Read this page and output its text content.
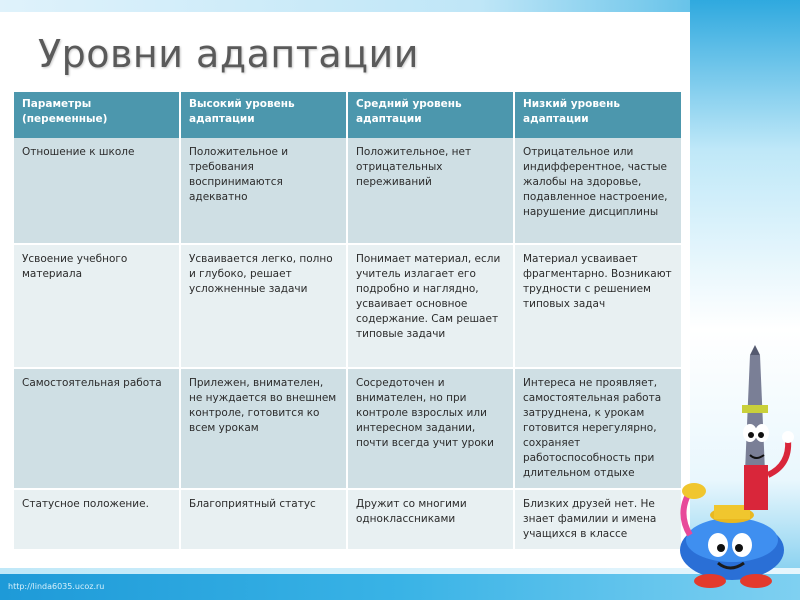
Уровни адаптации
Параметры (переменные)	Высокий уровень адаптации	Средний уровень адаптации	Низкий уровень адаптации
Отношение к школе	Положительное и требования воспринимаются адекватно	Положительное, нет отрицательных переживаний	Отрицательное или индифферентное, частые жалобы на здоровье, подавленное настроение, нарушение дисциплины
Усвоение учебного материала	Усваивается легко, полно и глубоко, решает усложненные задачи	Понимает материал, если учитель излагает его подробно и наглядно, усваивает основное содержание. Сам решает типовые задачи	Материал усваивает фрагментарно. Возникают трудности с решением типовых задач
Самостоятельная работа	Прилежен, внимателен, не нуждается во внешнем контроле, готовится ко всем урокам	Сосредоточен и внимателен, но при контроле взрослых или интересном задании, почти всегда учит уроки	Интереса не проявляет, самостоятельная работа затруднена, к урокам готовится нерегулярно, сохраняет работоспособность при длительном отдыхе
Статусное положение.	Благоприятный статус	Дружит со многими одноклассниками	Близких друзей нет. Не знает фамилии и имена учащихся в классе
http://linda6035.ucoz.ru
